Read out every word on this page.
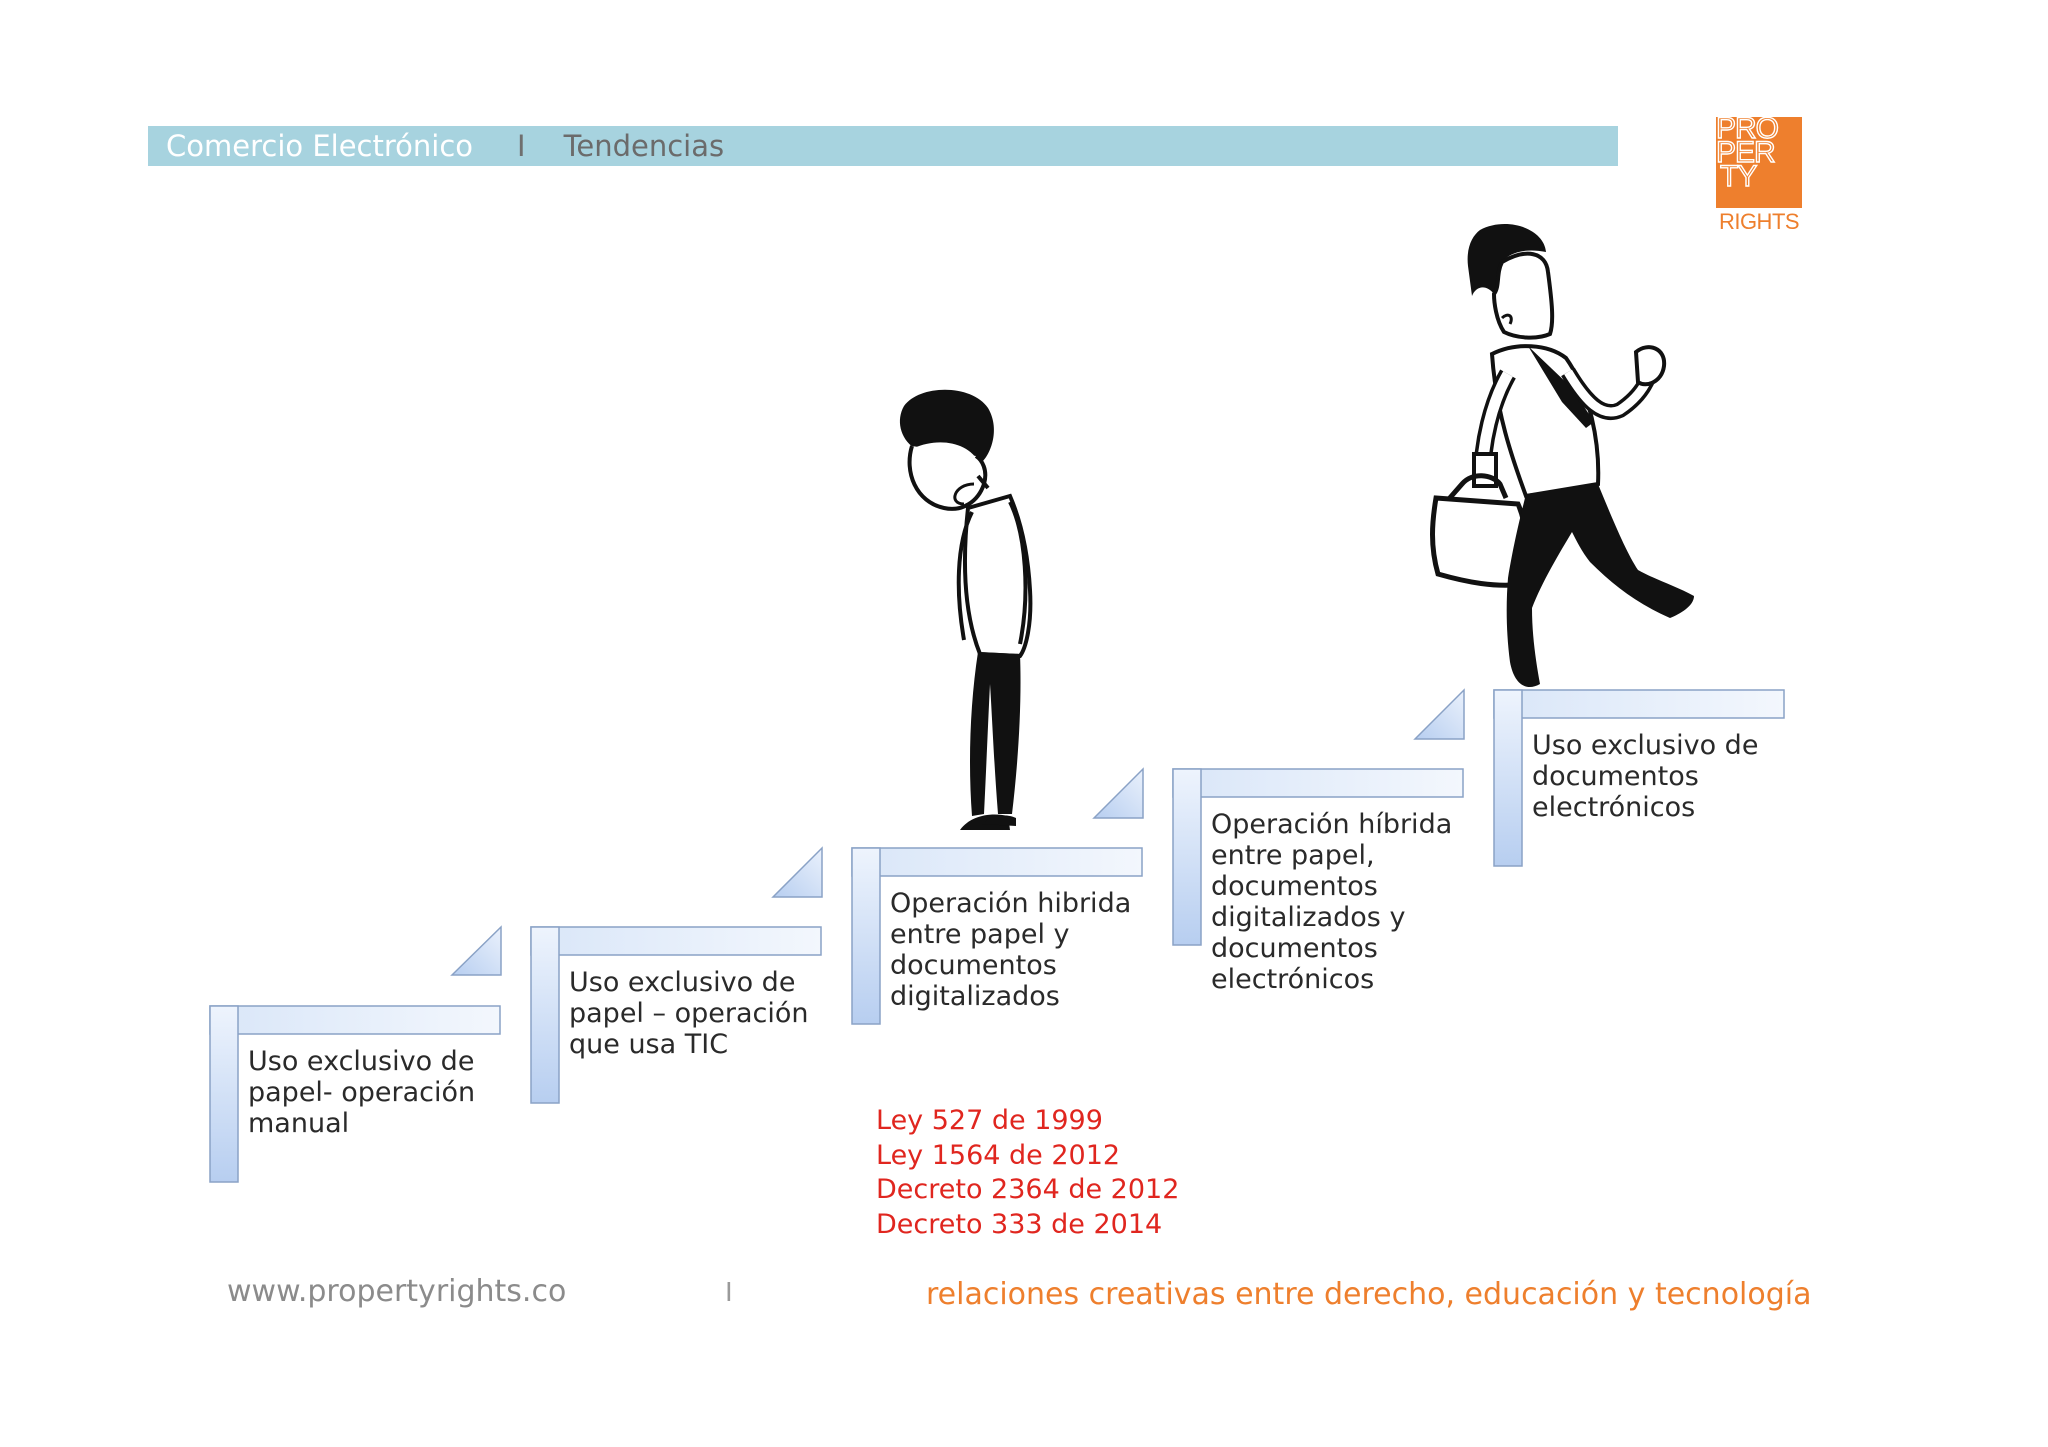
Comercio Electrónico I Tendencias
PRO
PER
TY
RIGHTS
Uso exclusivo de
papel- operación
manual
Uso exclusivo de
papel – operación
que usa TIC
Operación hibrida
entre papel y
documentos
digitalizados
Operación híbrida
entre papel,
documentos
digitalizados y
documentos
electrónicos
Uso exclusivo de
documentos
electrónicos
Ley 527 de 1999
Ley 1564 de 2012
Decreto 2364 de 2012
Decreto 333 de 2014
www.propertyrights.co	I	relaciones creativas entre derecho, educación y tecnología
